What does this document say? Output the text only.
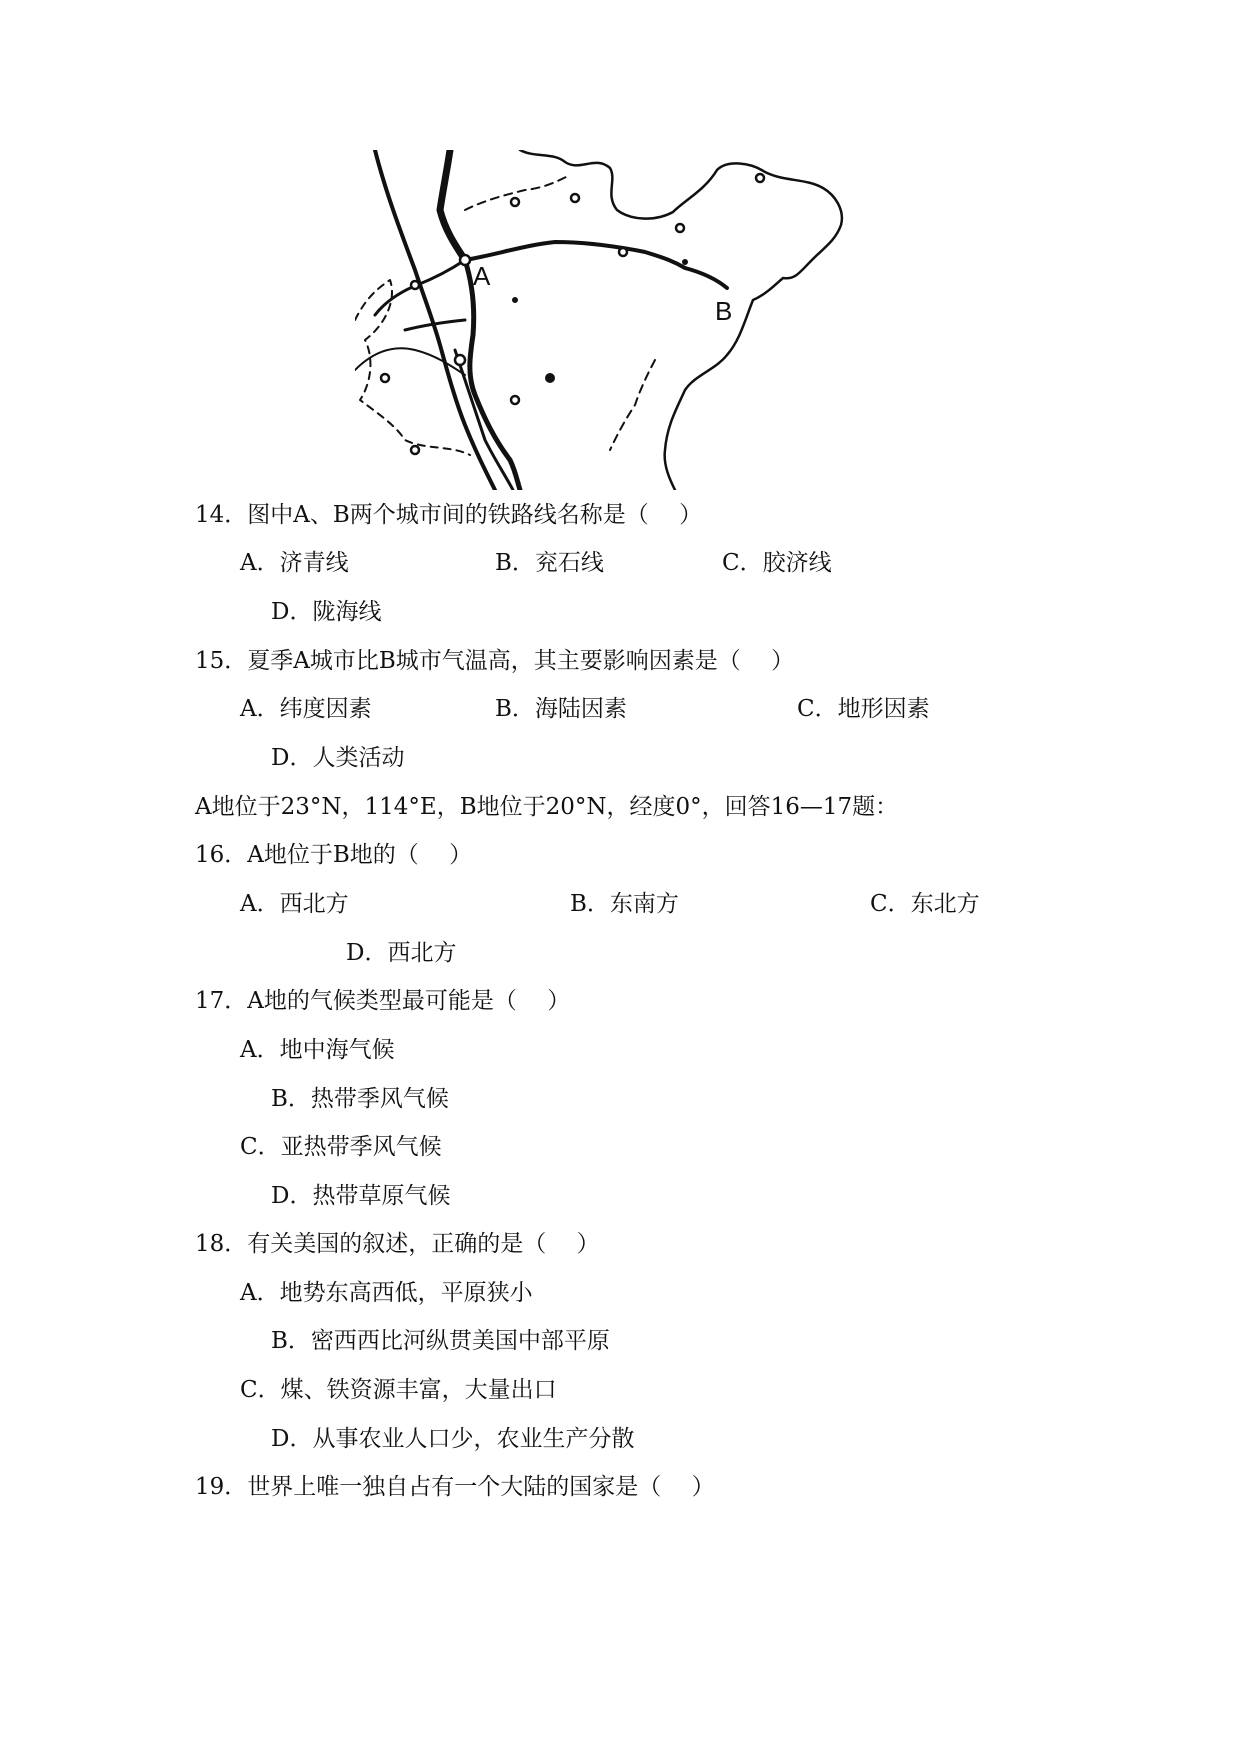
A
B
14．图中A、B两个城市间的铁路线名称是（　 ）
A．济青线	B．兖石线	C．胶济线
D．陇海线
15．夏季A城市比B城市气温高，其主要影响因素是（　 ）
A．纬度因素	B．海陆因素	C．地形因素
D．人类活动
A地位于23°N，114°E，B地位于20°N，经度0°，回答16—17题：
16．A地位于B地的（　 ）
A．西北方	B．东南方	C．东北方
D．西北方
17．A地的气候类型最可能是（　 ）
A．地中海气候
B．热带季风气候
C．亚热带季风气候
D．热带草原气候
18．有关美国的叙述，正确的是（　 ）
A．地势东高西低，平原狭小
B．密西西比河纵贯美国中部平原
C．煤、铁资源丰富，大量出口
D．从事农业人口少，农业生产分散
19．世界上唯一独自占有一个大陆的国家是（　 ）
